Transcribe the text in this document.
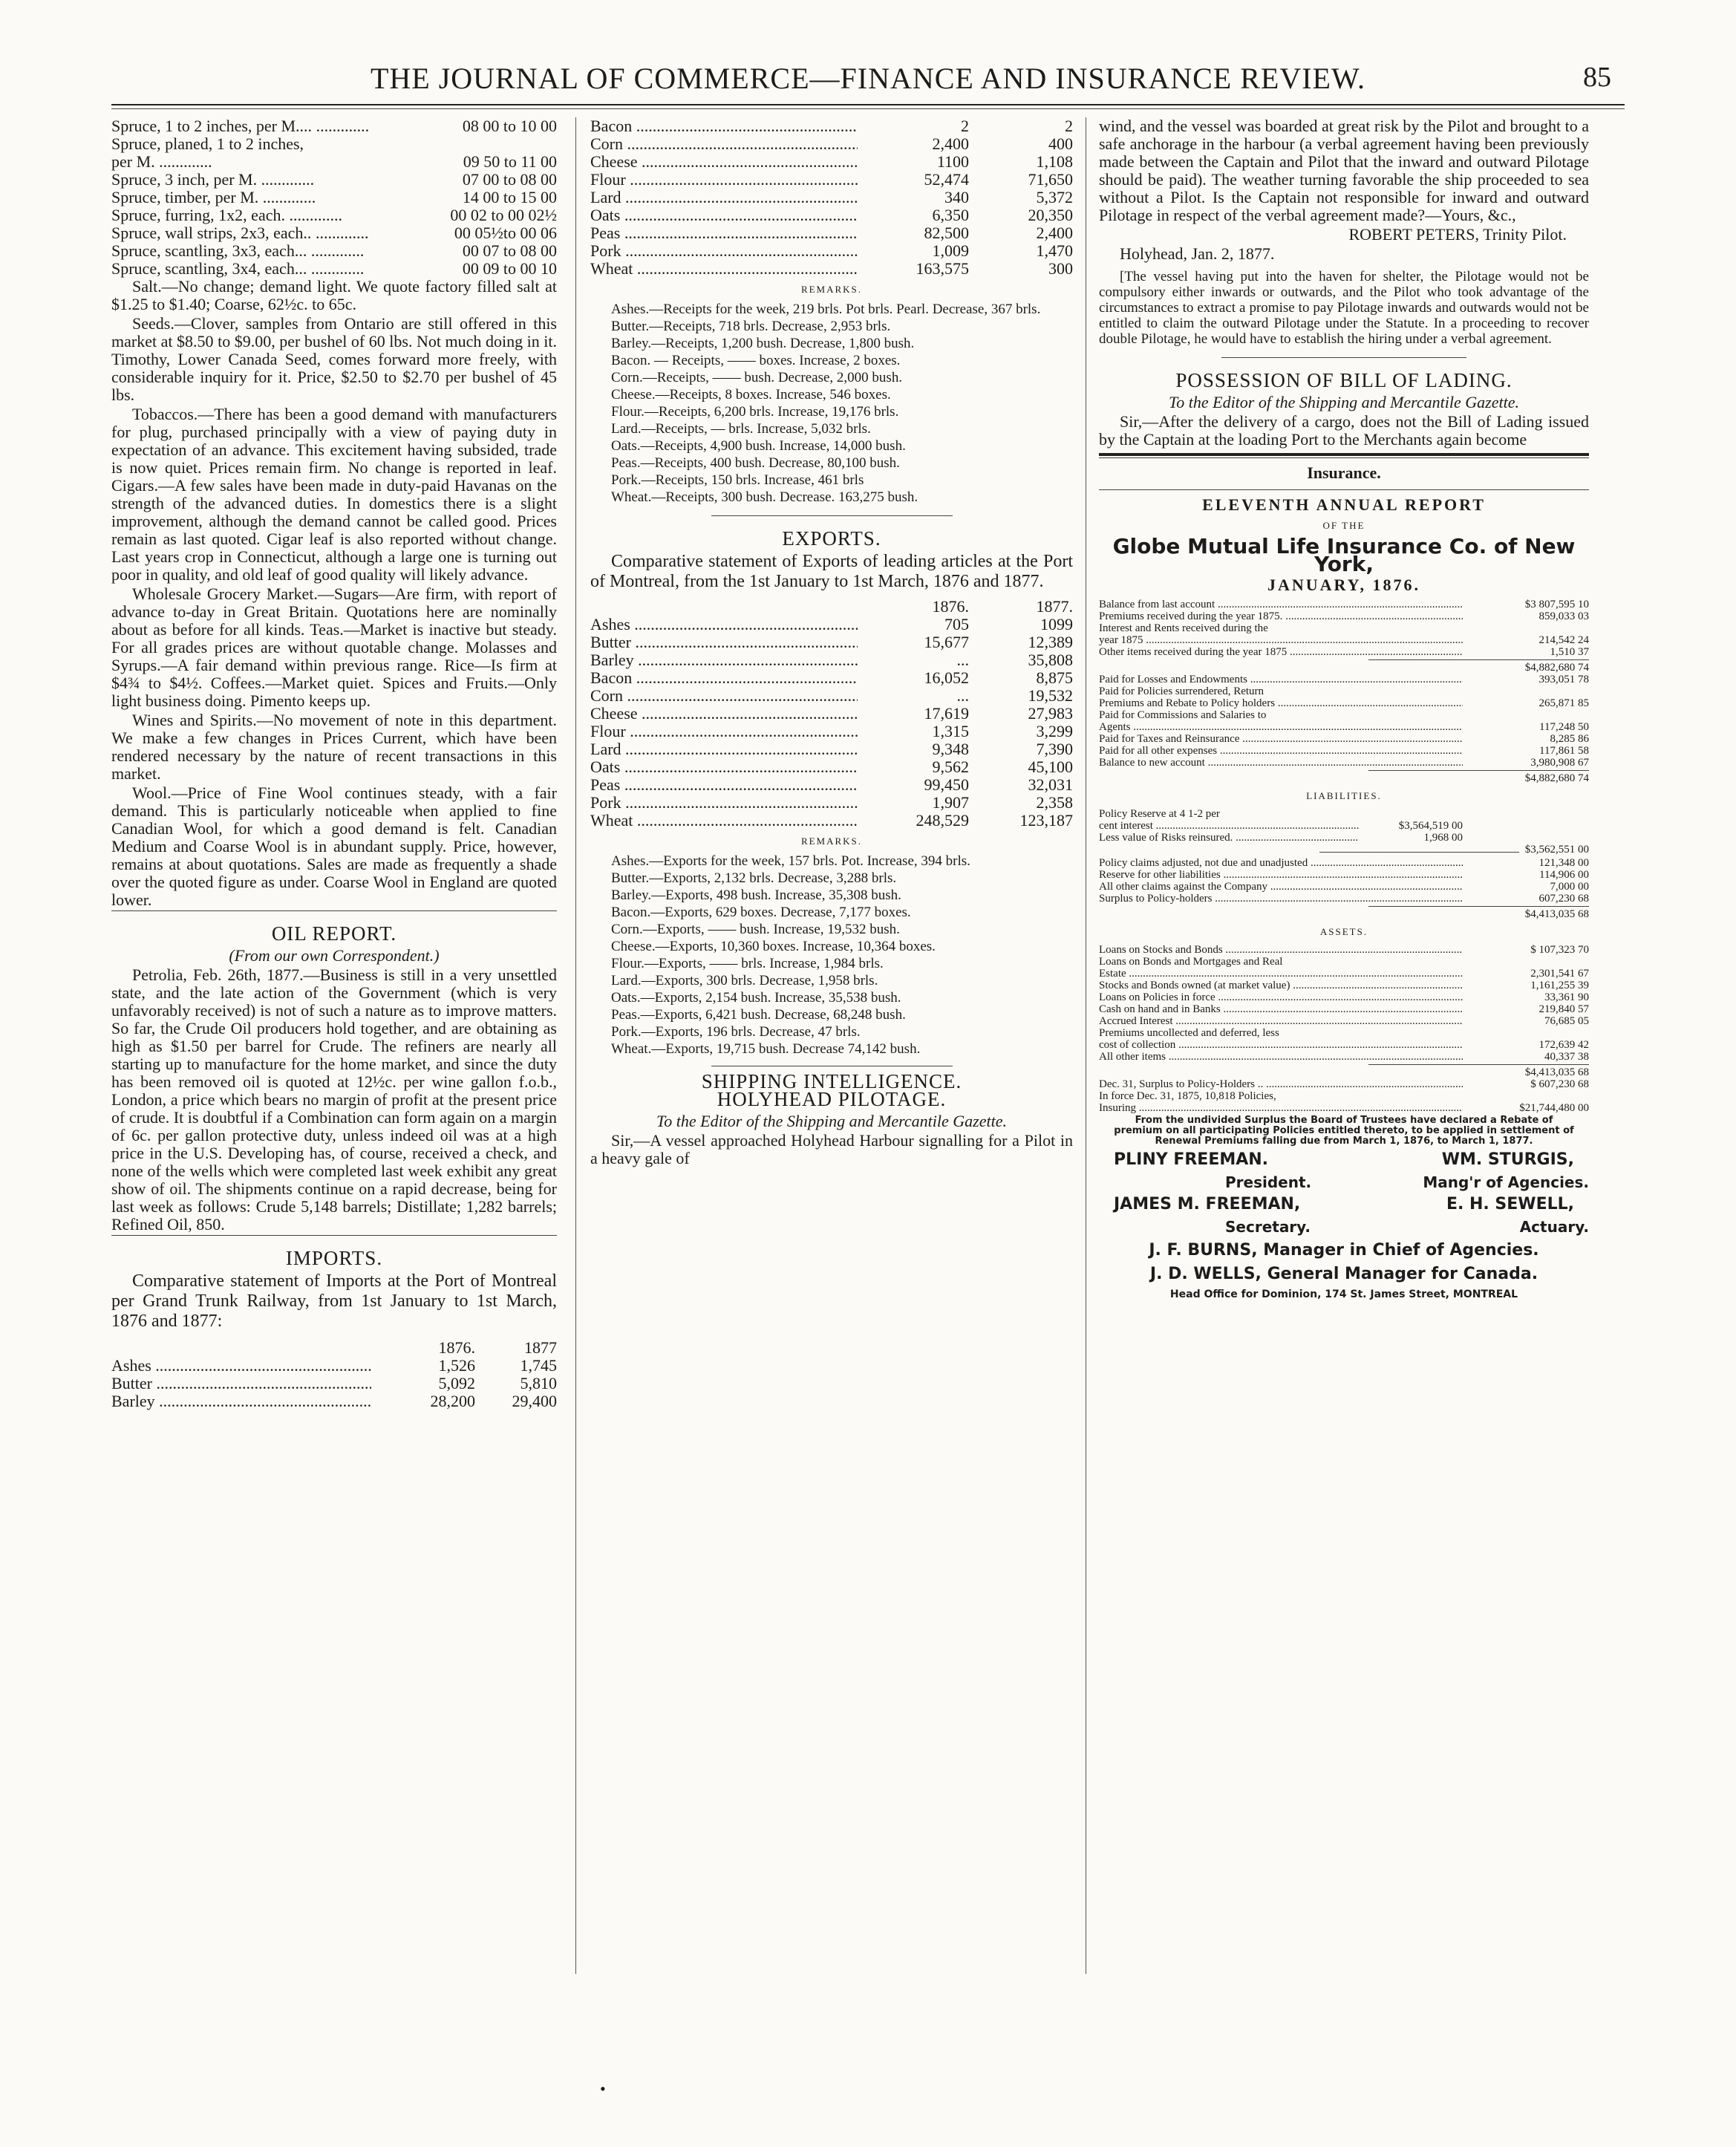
THE JOURNAL OF COMMERCE—FINANCE AND INSURANCE REVIEW.	85
Spruce, 1 to 2 inches, per M.... .....	08 00 to 10 00
Spruce, planed, 1 to 2 inches,
per M. .....	09 50 to 11 00
Spruce, 3 inch, per M. .....	07 00 to 08 00
Spruce, timber, per M. .....	14 00 to 15 00
Spruce, furring, 1x2, each. .....	00 02 to 00 02½
Spruce, wall strips, 2x3, each.. .....	00 05½to 00 06
Spruce, scantling, 3x3, each... .....	00 07 to 08 00
Spruce, scantling, 3x4, each... .....	00 09 to 00 10

Salt.—No change; demand light. We quote factory filled salt at $1.25 to $1.40; Coarse, 62½c. to 65c.

Seeds.—Clover, samples from Ontario are still offered in this market at $8.50 to $9.00, per bushel of 60 lbs. Not much doing in it. Timothy, Lower Canada Seed, comes forward more freely, with considerable inquiry for it. Price, $2.50 to $2.70 per bushel of 45 lbs.

Tobaccos.—There has been a good demand with manufacturers for plug, purchased principally with a view of paying duty in expectation of an advance. This excitement having subsided, trade is now quiet. Prices remain firm. No change is reported in leaf. Cigars.—A few sales have been made in duty-paid Havanas on the strength of the advanced duties. In domestics there is a slight improvement, although the demand cannot be called good. Prices remain as last quoted. Cigar leaf is also reported without change. Last years crop in Connecticut, although a large one is turning out poor in quality, and old leaf of good quality will likely advance.

Wholesale Grocery Market.—Sugars—Are firm, with report of advance to-day in Great Britain. Quotations here are nominally about as before for all kinds. Teas.—Market is inactive but steady. For all grades prices are without quotable change. Molasses and Syrups.—A fair demand within previous range. Rice—Is firm at $4¾ to $4½. Coffees.—Market quiet. Spices and Fruits.—Only light business doing. Pimento keeps up.

Wines and Spirits.—No movement of note in this department. We make a few changes in Prices Current, which have been rendered necessary by the nature of recent transactions in this market.

Wool.—Price of Fine Wool continues steady, with a fair demand. This is particularly noticeable when applied to fine Canadian Wool, for which a good demand is felt. Canadian Medium and Coarse Wool is in abundant supply. Price, however, remains at about quotations. Sales are made as frequently a shade over the quoted figure as under. Coarse Wool in England are quoted lower.

OIL REPORT.

(From our own Correspondent.)

Petrolia, Feb. 26th, 1877.—Business is still in a very unsettled state, and the late action of the Government (which is very unfavorably received) is not of such a nature as to improve matters. So far, the Crude Oil producers hold together, and are obtaining as high as $1.50 per barrel for Crude. The refiners are nearly all starting up to manufacture for the home market, and since the duty has been removed oil is quoted at 12½c. per wine gallon f.o.b., London, a price which bears no margin of profit at the present price of crude. It is doubtful if a Combination can form again on a margin of 6c. per gallon protective duty, unless indeed oil was at a high price in the U.S. Developing has, of course, received a check, and none of the wells which were completed last week exhibit any great show of oil. The shipments continue on a rapid decrease, being for last week as follows: Crude 5,148 barrels; Distillate; 1,282 barrels; Refined Oil, 850.

IMPORTS.

Comparative statement of Imports at the Port of Montreal per Grand Trunk Railway, from 1st January to 1st March, 1876 and 1877:

1876.	1877
Ashes .....	1,526	1,745
Butter .....	5,092	5,810
Barley .....	28,200	29,400
Bacon .....	2	2
Corn .....	2,400	400
Cheese .....	1100	1,108
Flour .....	52,474	71,650
Lard .....	340	5,372
Oats .....	6,350	20,350
Peas .....	82,500	2,400
Pork .....	1,009	1,470
Wheat .....	163,575	300
REMARKS.

Ashes.—Receipts for the week, 219 brls. Pot brls. Pearl. Decrease, 367 brls.

Butter.—Receipts, 718 brls. Decrease, 2,953 brls.

Barley.—Receipts, 1,200 bush. Decrease, 1,800 bush.

Bacon. — Receipts, —— boxes. Increase, 2 boxes.

Corn.—Receipts, —— bush. Decrease, 2,000 bush.

Cheese.—Receipts, 8 boxes. Increase, 546 boxes.

Flour.—Receipts, 6,200 brls. Increase, 19,176 brls.

Lard.—Receipts, — brls. Increase, 5,032 brls.

Oats.—Receipts, 4,900 bush. Increase, 14,000 bush.

Peas.—Receipts, 400 bush. Decrease, 80,100 bush.

Pork.—Receipts, 150 brls. Increase, 461 brls

Wheat.—Receipts, 300 bush. Decrease. 163,275 bush.

EXPORTS.

Comparative statement of Exports of leading articles at the Port of Montreal, from the 1st January to 1st March, 1876 and 1877.

1876.	1877.
Ashes .....	705	1099
Butter .....	15,677	12,389
Barley .....	...	35,808
Bacon .....	16,052	8,875
Corn .....	...	19,532
Cheese .....	17,619	27,983
Flour .....	1,315	3,299
Lard .....	9,348	7,390
Oats .....	9,562	45,100
Peas .....	99,450	32,031
Pork .....	1,907	2,358
Wheat .....	248,529	123,187
REMARKS.

Ashes.—Exports for the week, 157 brls. Pot. Increase, 394 brls.

Butter.—Exports, 2,132 brls. Decrease, 3,288 brls.

Barley.—Exports, 498 bush. Increase, 35,308 bush.

Bacon.—Exports, 629 boxes. Decrease, 7,177 boxes.

Corn.—Exports, —— bush. Increase, 19,532 bush.

Cheese.—Exports, 10,360 boxes. Increase, 10,364 boxes.

Flour.—Exports, —— brls. Increase, 1,984 brls.

Lard.—Exports, 300 brls. Decrease, 1,958 brls.

Oats.—Exports, 2,154 bush. Increase, 35,538 bush.

Peas.—Exports, 6,421 bush. Decrease, 68,248 bush.

Pork.—Exports, 196 brls. Decrease, 47 brls.

Wheat.—Exports, 19,715 bush. Decrease 74,142 bush.

SHIPPING INTELLIGENCE.
HOLYHEAD PILOTAGE.

To the Editor of the Shipping and Mercantile Gazette.

Sir,—A vessel approached Holyhead Harbour signalling for a Pilot in a heavy gale of

wind, and the vessel was boarded at great risk by the Pilot and brought to a safe anchorage in the harbour (a verbal agreement having been previously made between the Captain and Pilot that the inward and outward Pilotage should be paid). The weather turning favorable the ship proceeded to sea without a Pilot. Is the Captain not responsible for inward and outward Pilotage in respect of the verbal agreement made?—Yours, &c.,

ROBERT PETERS, Trinity Pilot.

Holyhead, Jan. 2, 1877.

[The vessel having put into the haven for shelter, the Pilotage would not be compulsory either inwards or outwards, and the Pilot who took advantage of the circumstances to extract a promise to pay Pilotage inwards and outwards would not be entitled to claim the outward Pilotage under the Statute. In a proceeding to recover double Pilotage, he would have to establish the hiring under a verbal agreement.

POSSESSION OF BILL OF LADING.

To the Editor of the Shipping and Mercantile Gazette.

Sir,—After the delivery of a cargo, does not the Bill of Lading issued by the Captain at the loading Port to the Merchants again become

Insurance.
ELEVENTH ANNUAL REPORT
OF THE
Globe Mutual Life Insurance Co. of New York,
JANUARY, 1876.
Balance from last account .....	$3 807,595 10
Premiums received during the year 1875. .....	859,033 03
Interest and Rents received during the
year 1875 .....	214,542 24
Other items received during the year 1875 .....	1,510 37
$4,882,680 74
Paid for Losses and Endowments .....	393,051 78
Paid for Policies surrendered, Return
Premiums and Rebate to Policy holders .....	265,871 85
Paid for Commissions and Salaries to
Agents .....	117,248 50
Paid for Taxes and Reinsurance .....	8,285 86
Paid for all other expenses .....	117,861 58
Balance to new account .....	3,980,908 67
$4,882,680 74
LIABILITIES.
Policy Reserve at 4 1-2 per
cent interest .....	$3,564,519 00
Less value of Risks reinsured. .....	1,968 00
$3,562,551 00
Policy claims adjusted, not due and unadjusted .....	121,348 00
Reserve for other liabilities .....	114,906 00
All other claims against the Company .....	7,000 00
Surplus to Policy-holders .....	607,230 68
$4,413,035 68
ASSETS.
Loans on Stocks and Bonds .....	$ 107,323 70
Loans on Bonds and Mortgages and Real
Estate .....	2,301,541 67
Stocks and Bonds owned (at market value) .....	1,161,255 39
Loans on Policies in force .....	33,361 90
Cash on hand and in Banks .....	219,840 57
Accrued Interest .....	76,685 05
Premiums uncollected and deferred, less
cost of collection .....	172,639 42
All other items .....	40,337 38
$4,413,035 68
Dec. 31, Surplus to Policy-Holders .. .....	$ 607,230 68
In force Dec. 31, 1875, 10,818 Policies,
Insuring .....	$21,744,480 00
From the undivided Surplus the Board of Trustees have declared a Rebate of premium on all participating Policies entitled thereto, to be applied in settlement of Renewal Premiums falling due from March 1, 1876, to March 1, 1877.
PLINY FREEMAN.	WM. STURGIS,
President.	Mang'r of Agencies.
JAMES M. FREEMAN,	E. H. SEWELL,
Secretary.	Actuary.
J. F. BURNS, Manager in Chief of Agencies.
J. D. WELLS, General Manager for Canada.
Head Office for Dominion, 174 St. James Street, MONTREAL
•
